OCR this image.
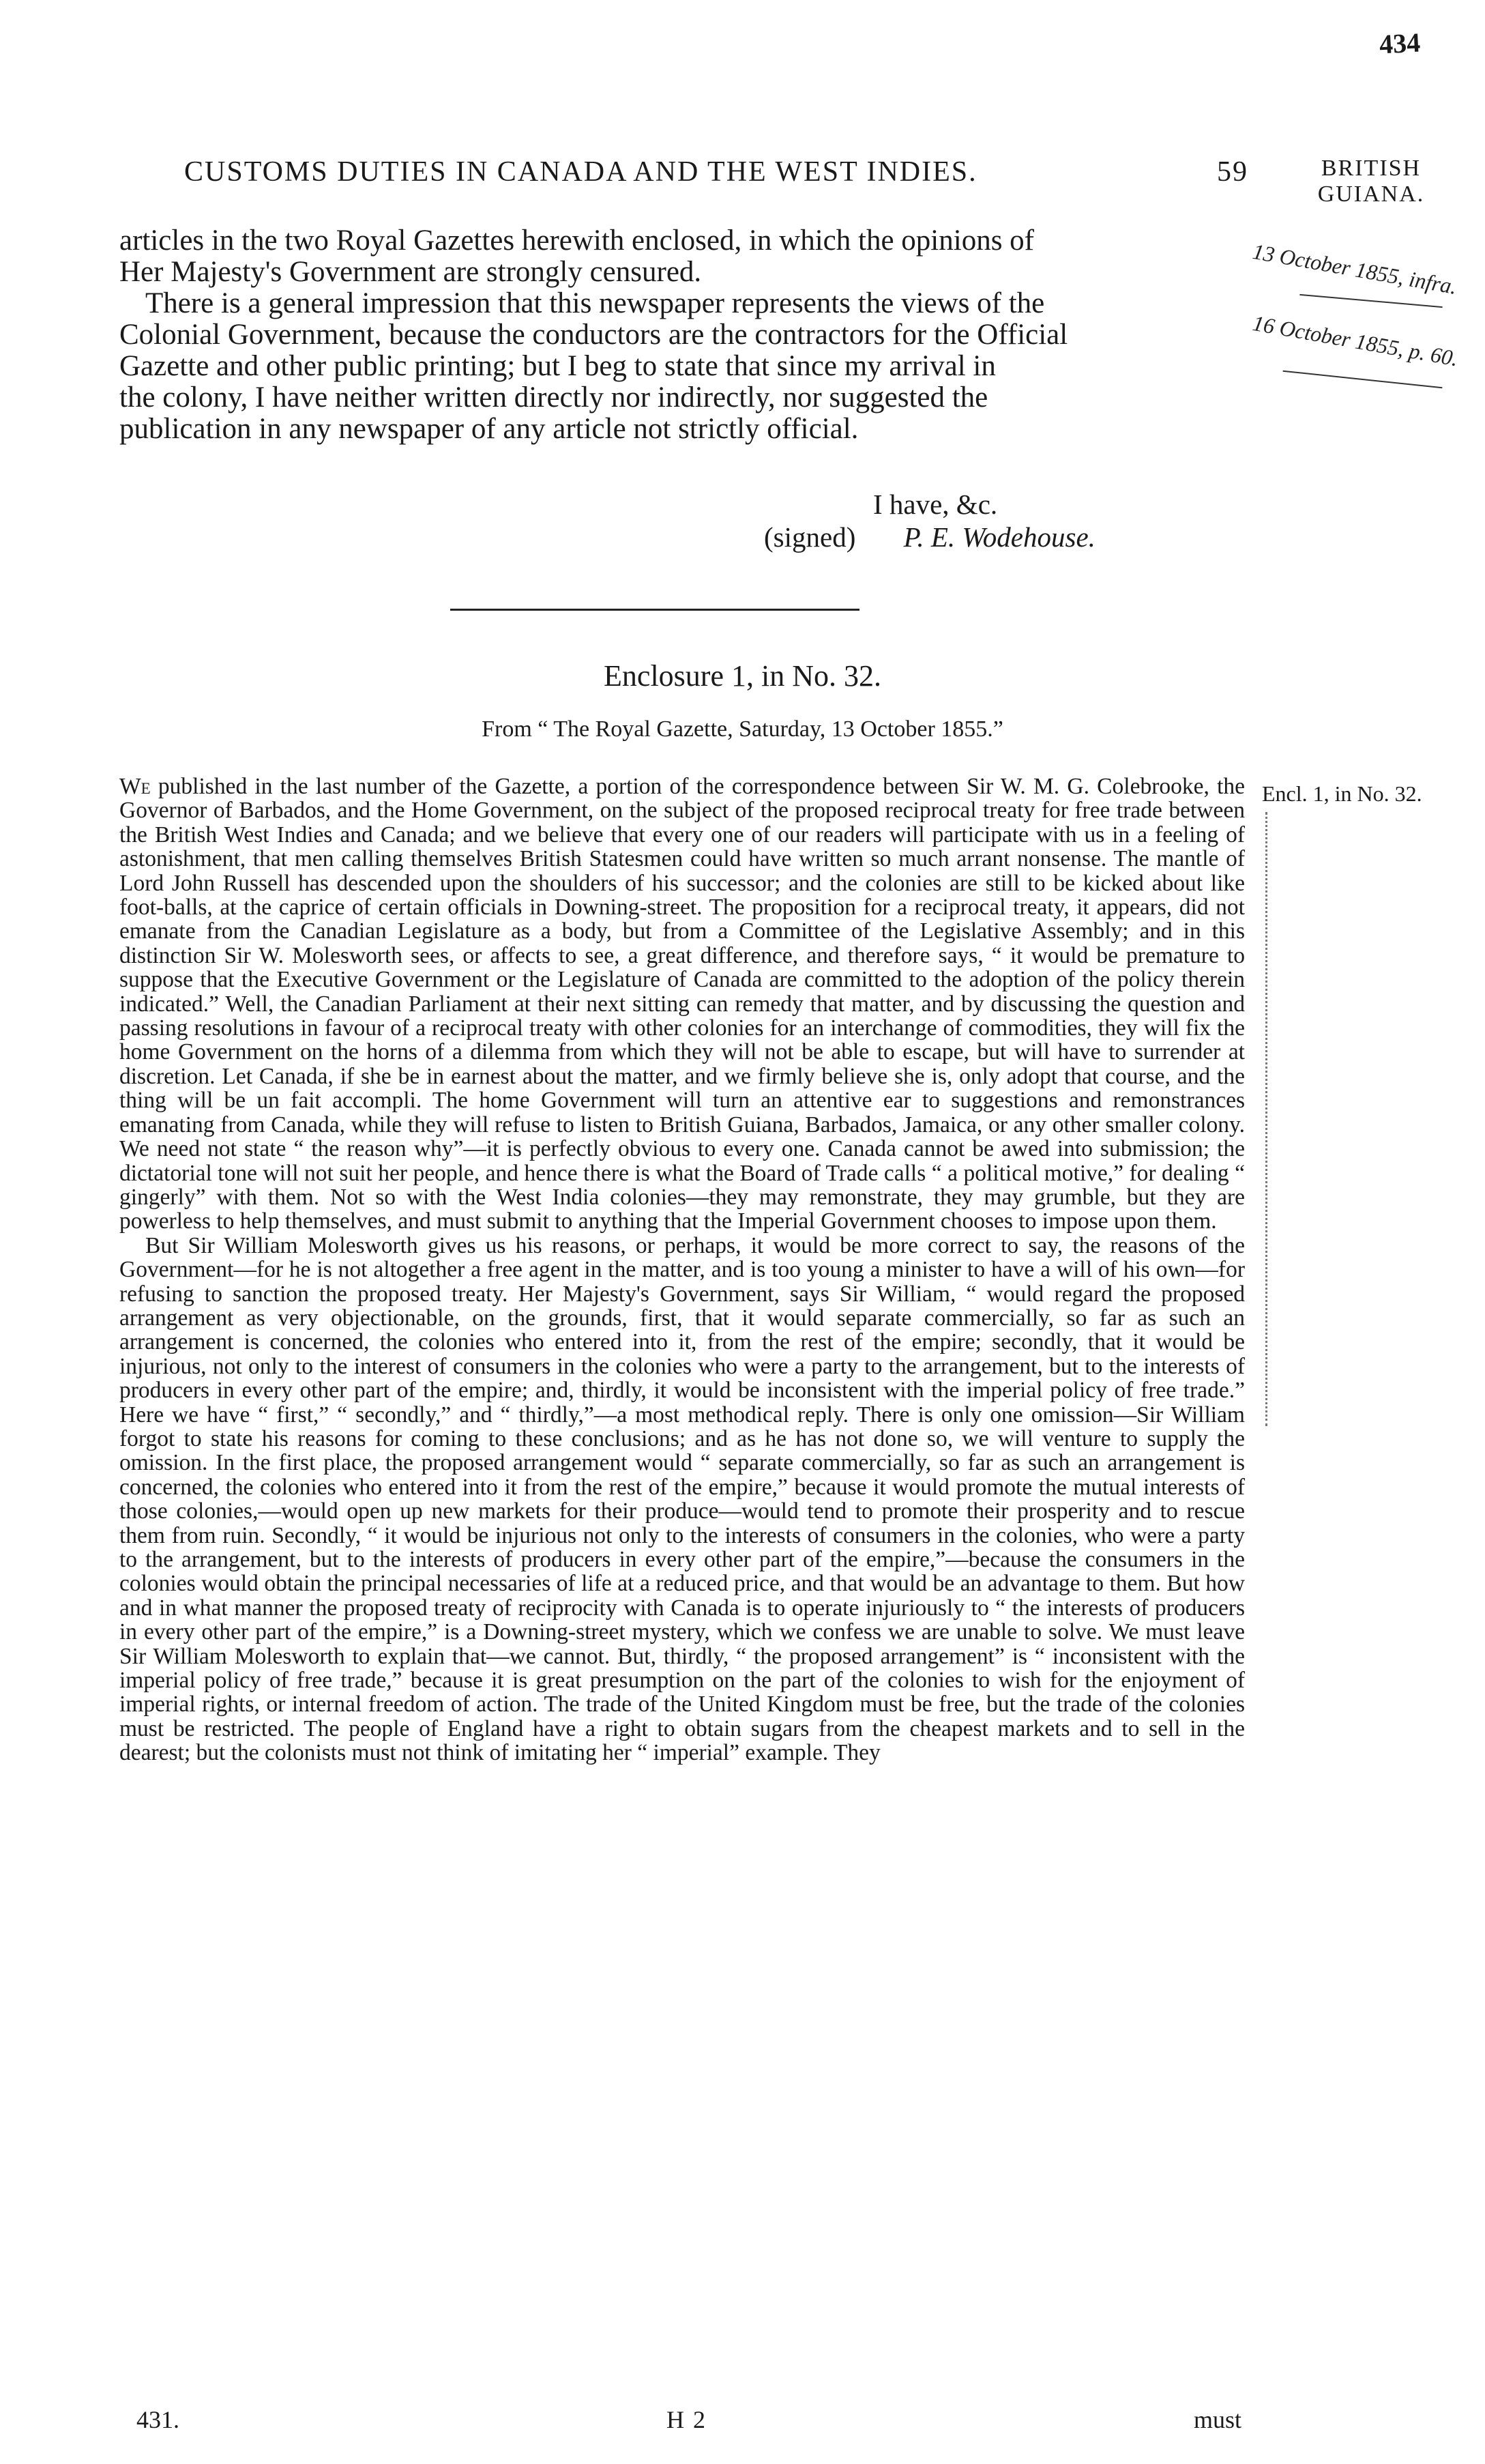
434
CUSTOMS DUTIES IN CANADA AND THE WEST INDIES.	59	BRITISH
GUIANA.
articles in the two Royal Gazettes herewith enclosed, in which the opinions of
Her Majesty's Government are strongly censured.
There is a general impression that this newspaper represents the views of the
Colonial Government, because the conductors are the contractors for the Official
Gazette and other public printing; but I beg to state that since my arrival in
the colony, I have neither written directly nor indirectly, nor suggested the
publication in any newspaper of any article not strictly official.
13 October 1855, infra.
16 October 1855, p. 60.
I have, &c.
(signed) P. E. Wodehouse.
Enclosure 1, in No. 32.
From “ The Royal Gazette, Saturday, 13 October 1855.”
Encl. 1, in No. 32.

We published in the last number of the Gazette, a portion of the correspondence between Sir W. M. G. Colebrooke, the Governor of Barbados, and the Home Government, on the subject of the proposed reciprocal treaty for free trade between the British West Indies and Canada; and we believe that every one of our readers will participate with us in a feeling of astonishment, that men calling themselves British Statesmen could have written so much arrant nonsense. The mantle of Lord John Russell has descended upon the shoulders of his successor; and the colonies are still to be kicked about like foot-balls, at the caprice of certain officials in Downing-street. The proposition for a reciprocal treaty, it appears, did not emanate from the Canadian Legislature as a body, but from a Committee of the Legislative Assembly; and in this distinction Sir W. Molesworth sees, or affects to see, a great difference, and therefore says, “ it would be premature to suppose that the Executive Government or the Legislature of Canada are committed to the adoption of the policy therein indicated.” Well, the Canadian Parliament at their next sitting can remedy that matter, and by discussing the question and passing resolutions in favour of a reciprocal treaty with other colonies for an interchange of commodities, they will fix the home Government on the horns of a dilemma from which they will not be able to escape, but will have to surrender at discretion. Let Canada, if she be in earnest about the matter, and we firmly believe she is, only adopt that course, and the thing will be un fait accompli. The home Government will turn an attentive ear to suggestions and remonstrances emanating from Canada, while they will refuse to listen to British Guiana, Barbados, Jamaica, or any other smaller colony. We need not state “ the reason why”—it is perfectly obvious to every one. Canada cannot be awed into submission; the dictatorial tone will not suit her people, and hence there is what the Board of Trade calls “ a political motive,” for dealing “ gingerly” with them. Not so with the West India colonies—they may remonstrate, they may grumble, but they are powerless to help themselves, and must submit to anything that the Imperial Government chooses to impose upon them.

But Sir William Molesworth gives us his reasons, or perhaps, it would be more correct to say, the reasons of the Government—for he is not altogether a free agent in the matter, and is too young a minister to have a will of his own—for refusing to sanction the proposed treaty. Her Majesty's Government, says Sir William, “ would regard the proposed arrangement as very objectionable, on the grounds, first, that it would separate commercially, so far as such an arrangement is concerned, the colonies who entered into it, from the rest of the empire; secondly, that it would be injurious, not only to the interest of consumers in the colonies who were a party to the arrangement, but to the interests of producers in every other part of the empire; and, thirdly, it would be inconsistent with the imperial policy of free trade.” Here we have “ first,” “ secondly,” and “ thirdly,”—a most methodical reply. There is only one omission—Sir William forgot to state his reasons for coming to these conclusions; and as he has not done so, we will venture to supply the omission. In the first place, the proposed arrangement would “ separate commercially, so far as such an arrangement is concerned, the colonies who entered into it from the rest of the empire,” because it would promote the mutual interests of those colonies,—would open up new markets for their produce—would tend to promote their prosperity and to rescue them from ruin. Secondly, “ it would be injurious not only to the interests of consumers in the colonies, who were a party to the arrangement, but to the interests of producers in every other part of the empire,”—because the consumers in the colonies would obtain the principal necessaries of life at a reduced price, and that would be an advantage to them. But how and in what manner the proposed treaty of reciprocity with Canada is to operate injuriously to “ the interests of producers in every other part of the empire,” is a Downing-street mystery, which we confess we are unable to solve. We must leave Sir William Molesworth to explain that—we cannot. But, thirdly, “ the proposed arrangement” is “ inconsistent with the imperial policy of free trade,” because it is great presumption on the part of the colonies to wish for the enjoyment of imperial rights, or internal freedom of action. The trade of the United Kingdom must be free, but the trade of the colonies must be restricted. The people of England have a right to obtain sugars from the cheapest markets and to sell in the dearest; but the colonists must not think of imitating her “ imperial” example. They

431.	H 2	must
